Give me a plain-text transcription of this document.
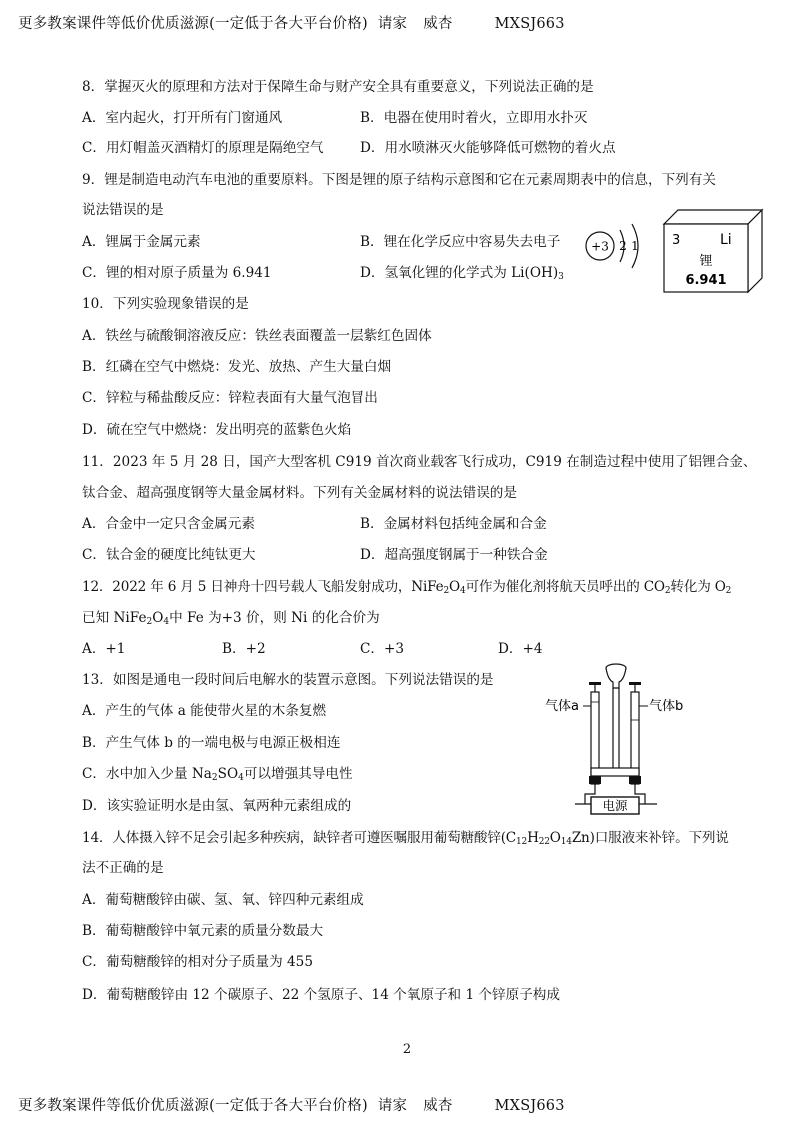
更多教案课件等低价优质滋源(一定低于各大平台价格) 请家 威杏	MXSJ663
8．掌握灭火的原理和方法对于保障生命与财产安全具有重要意义，下列说法正确的是
A．室内起火，打开所有门窗通风	B．电器在使用时着火，立即用水扑灭
C．用灯帽盖灭酒精灯的原理是隔绝空气	D．用水喷淋灭火能够降低可燃物的着火点
9．锂是制造电动汽车电池的重要原料。下图是锂的原子结构示意图和它在元素周期表中的信息，下列有关
说法错误的是
A．锂属于金属元素	B．锂在化学反应中容易失去电子
C．锂的相对原子质量为 6.941	D．氢氧化锂的化学式为 $Li(OH)_3$
10．下列实验现象错误的是
A．铁丝与硫酸铜溶液反应：铁丝表面覆盖一层紫红色固体
B．红磷在空气中燃烧：发光、放热、产生大量白烟
C．锌粒与稀盐酸反应：锌粒表面有大量气泡冒出
D．硫在空气中燃烧：发出明亮的蓝紫色火焰
11．2023 年 5 月 28 日，国产大型客机 C919 首次商业载客飞行成功，C919 在制造过程中使用了铝锂合金、
钛合金、超高强度钢等大量金属材料。下列有关金属材料的说法错误的是
A．合金中一定只含金属元素	B．金属材料包括纯金属和合金
C．钛合金的硬度比纯钛更大	D．超高强度钢属于一种铁合金
12．2022 年 6 月 5 日神舟十四号载人飞船发射成功，$NiFe_2O_4$可作为催化剂将航天员呼出的 $CO_2$转化为 $O_2$
已知 $NiFe_2O_4$中 Fe 为+3 价，则 Ni 的化合价为
A．+1	B．+2	C．+3	D．+4
13．如图是通电一段时间后电解水的装置示意图。下列说法错误的是
A．产生的气体 a 能使带火星的木条复燃
B．产生气体 b 的一端电极与电源正极相连
C．水中加入少量 $Na_2SO_4$可以增强其导电性
D．该实验证明水是由氢、氧两种元素组成的
14．人体摄入锌不足会引起多种疾病，缺锌者可遵医嘱服用葡萄糖酸锌$(C_{12}H_{22}O_{14}Zn)$口服液来补锌。下列说
法不正确的是
A．葡萄糖酸锌由碳、氢、氧、锌四种元素组成
B．葡萄糖酸锌中氧元素的质量分数最大
C．葡萄糖酸锌的相对分子质量为 455
D．葡萄糖酸锌由 12 个碳原子、22 个氢原子、14 个氧原子和 1 个锌原子构成
2
+3 2 1	3	Li
锂
6.941
电源
气体a	气体b
更多教案课件等低价优质滋源(一定低于各大平台价格) 请家 威杏	MXSJ663
